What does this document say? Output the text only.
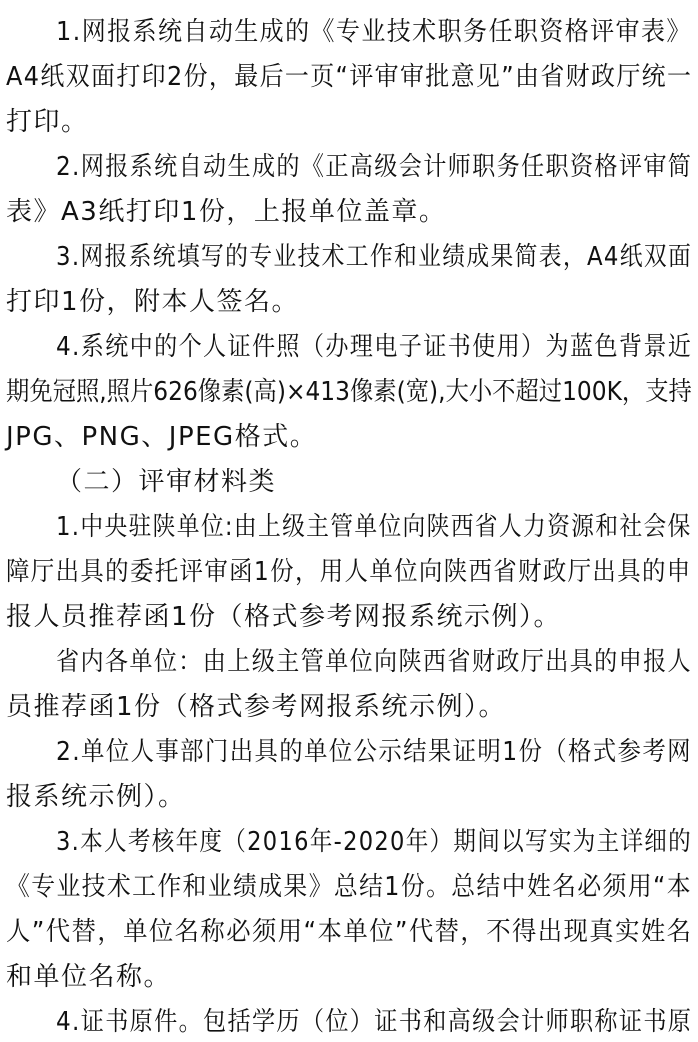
1.网报系统自动生成的《专业技术职务任职资格评审表》
A4纸双面打印2份，最后一页“评审审批意见”由省财政厅统一
打印。
2.网报系统自动生成的《正高级会计师职务任职资格评审简
表》A3纸打印1份，上报单位盖章。
3.网报系统填写的专业技术工作和业绩成果简表，A4纸双面
打印1份，附本人签名。
4.系统中的个人证件照（办理电子证书使用）为蓝色背景近
期免冠照,照片626像素(高)×413像素(宽),大小不超过100K，支持
JPG、PNG、JPEG格式。
（二）评审材料类
1.中央驻陕单位:由上级主管单位向陕西省人力资源和社会保
障厅出具的委托评审函1份，用人单位向陕西省财政厅出具的申
报人员推荐函1份（格式参考网报系统示例）。
省内各单位：由上级主管单位向陕西省财政厅出具的申报人
员推荐函1份（格式参考网报系统示例）。
2.单位人事部门出具的单位公示结果证明1份（格式参考网
报系统示例）。
3.本人考核年度（2016年-2020年）期间以写实为主详细的
《专业技术工作和业绩成果》总结1份。总结中姓名必须用“本
人”代替，单位名称必须用“本单位”代替，不得出现真实姓名
和单位名称。
4.证书原件。包括学历（位）证书和高级会计师职称证书原
